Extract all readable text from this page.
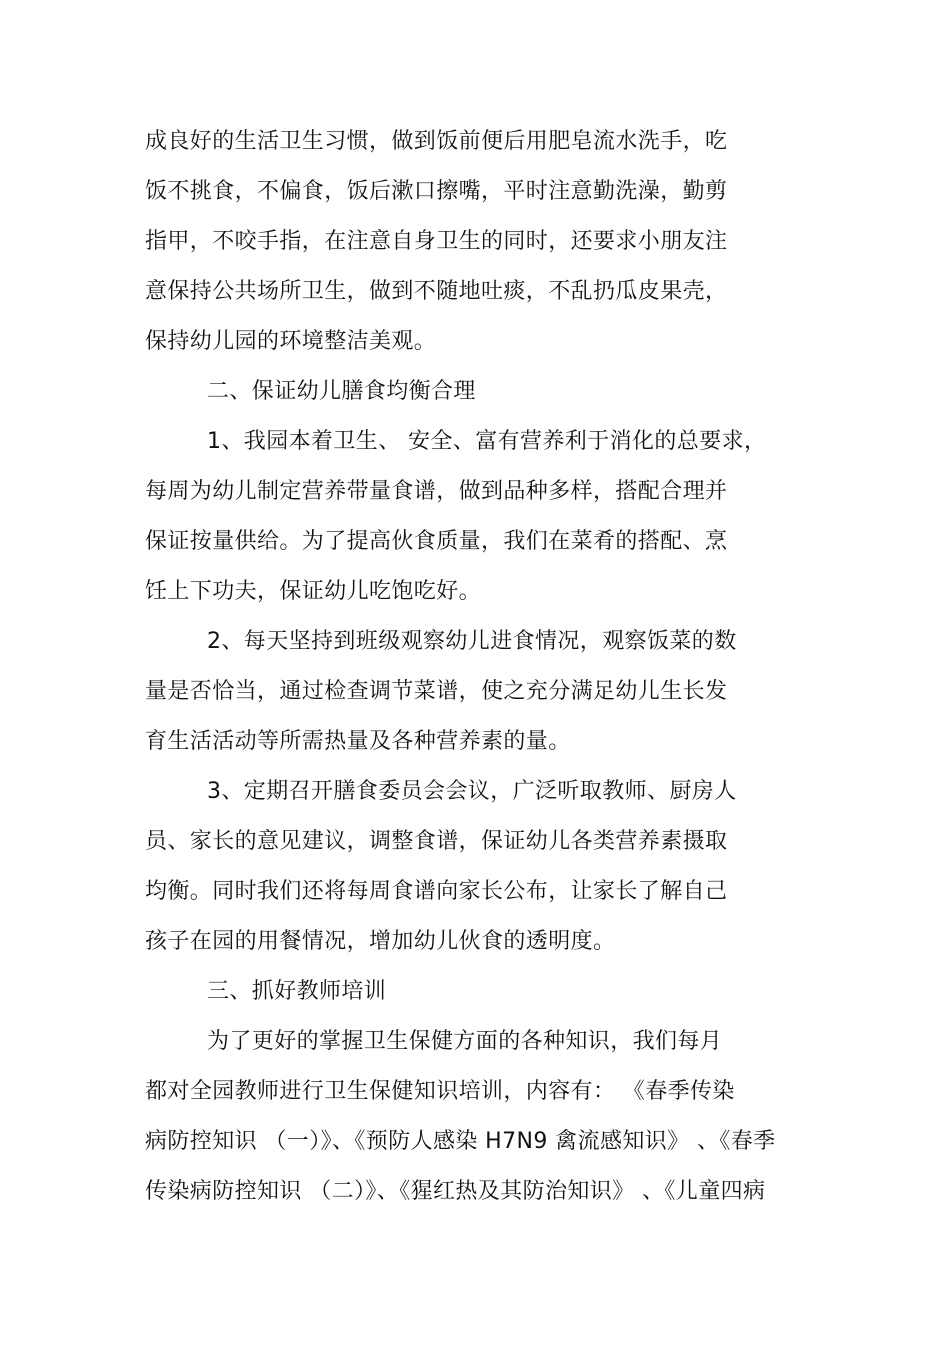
成良好的生活卫生习惯，做到饭前便后用肥皂流水洗手，吃
饭不挑食，不偏食，饭后漱口擦嘴，平时注意勤洗澡，勤剪
指甲，不咬手指，在注意自身卫生的同时，还要求小朋友注
意保持公共场所卫生，做到不随地吐痰，不乱扔瓜皮果壳，
保持幼儿园的环境整洁美观。
二、保证幼儿膳食均衡合理
1、我园本着卫生、 安全、富有营养利于消化的总要求，
每周为幼儿制定营养带量食谱，做到品种多样，搭配合理并
保证按量供给。为了提高伙食质量，我们在菜肴的搭配、烹
饪上下功夫，保证幼儿吃饱吃好。
2、每天坚持到班级观察幼儿进食情况，观察饭菜的数
量是否恰当，通过检查调节菜谱，使之充分满足幼儿生长发
育生活活动等所需热量及各种营养素的量。
3、定期召开膳食委员会会议，广泛听取教师、厨房人
员、家长的意见建议，调整食谱，保证幼儿各类营养素摄取
均衡。同时我们还将每周食谱向家长公布，让家长了解自己
孩子在园的用餐情况，增加幼儿伙食的透明度。
三、抓好教师培训
为了更好的掌握卫生保健方面的各种知识，我们每月
都对全园教师进行卫生保健知识培训，内容有： 《春季传染
病防控知识 （一）》、《预防人感染 H7N9 禽流感知识》 、《春季
传染病防控知识 （二）》、《猩红热及其防治知识》 、《儿童四病
